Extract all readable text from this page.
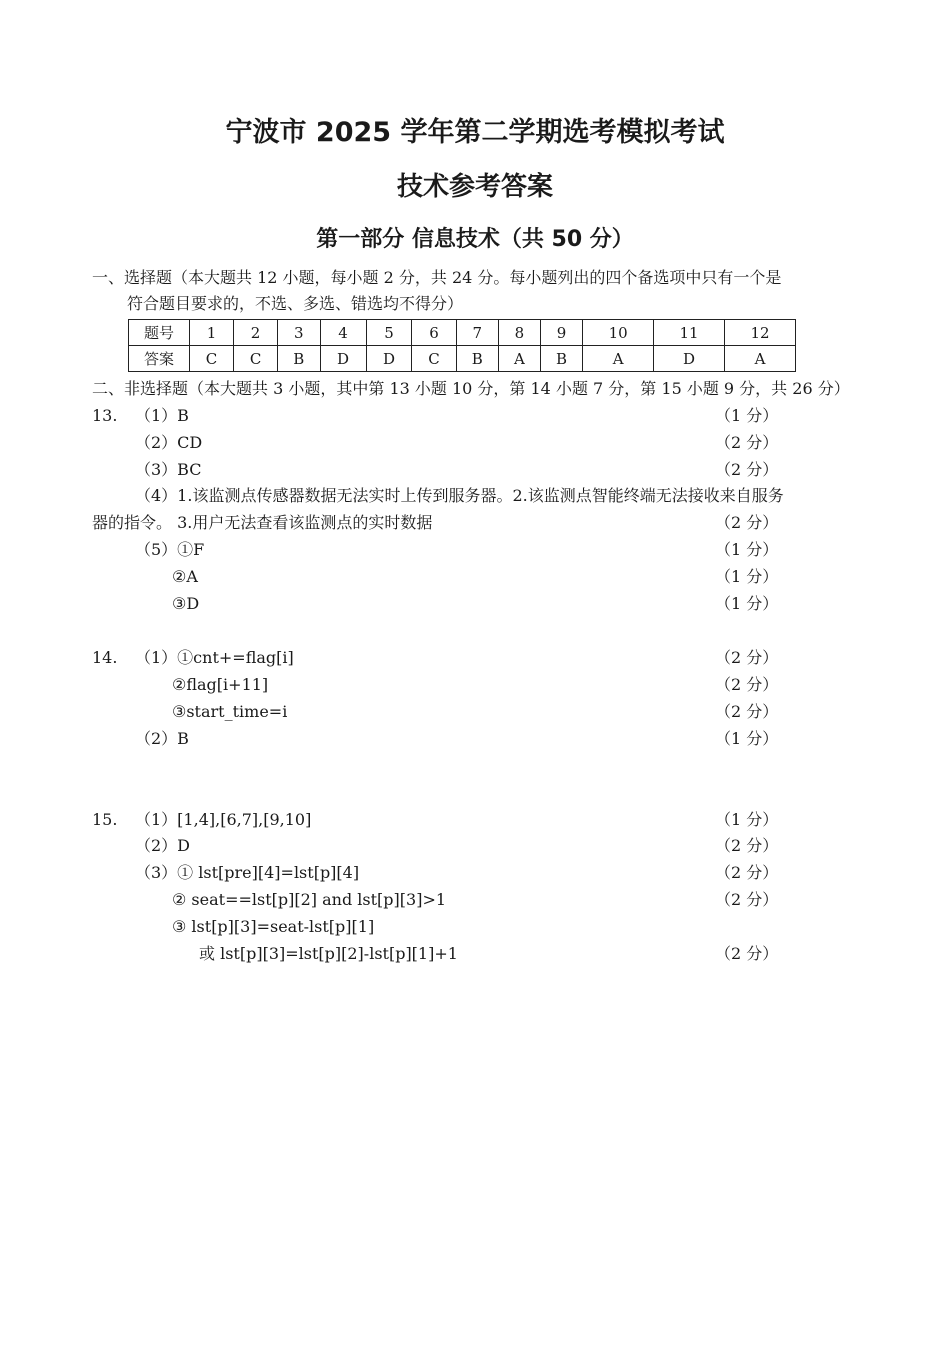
宁波市 2025 学年第二学期选考模拟考试
技术参考答案
第一部分 信息技术（共 50 分）
一、选择题（本大题共 12 小题，每小题 2 分，共 24 分。每小题列出的四个备选项中只有一个是
符合题目要求的，不选、多选、错选均不得分）
题号	1	2	3	4	5	6	7	8	9	10	11	12
答案	C	C	B	D	D	C	B	A	B	A	D	A
二、非选择题（本大题共 3 小题，其中第 13 小题 10 分，第 14 小题 7 分，第 15 小题 9 分，共 26 分）
13. （1）B	（1 分）
（2）CD	（2 分）
（3）BC	（2 分）
（4）1.该监测点传感器数据无法实时上传到服务器。2.该监测点智能终端无法接收来自服务
器的指令。 3.用户无法查看该监测点的实时数据	（2 分）
（5）①F	（1 分）
②A	（1 分）
③D	（1 分）
14. （1）①cnt+=flag[i]	（2 分）
②flag[i+11]	（2 分）
③start_time=i	（2 分）
（2）B	（1 分）
15. （1）[1,4],[6,7],[9,10]	（1 分）
（2）D	（2 分）
（3）① lst[pre][4]=lst[p][4]	（2 分）
② seat==lst[p][2] and lst[p][3]>1	（2 分）
③ lst[p][3]=seat-lst[p][1]
或 lst[p][3]=lst[p][2]-lst[p][1]+1	（2 分）
